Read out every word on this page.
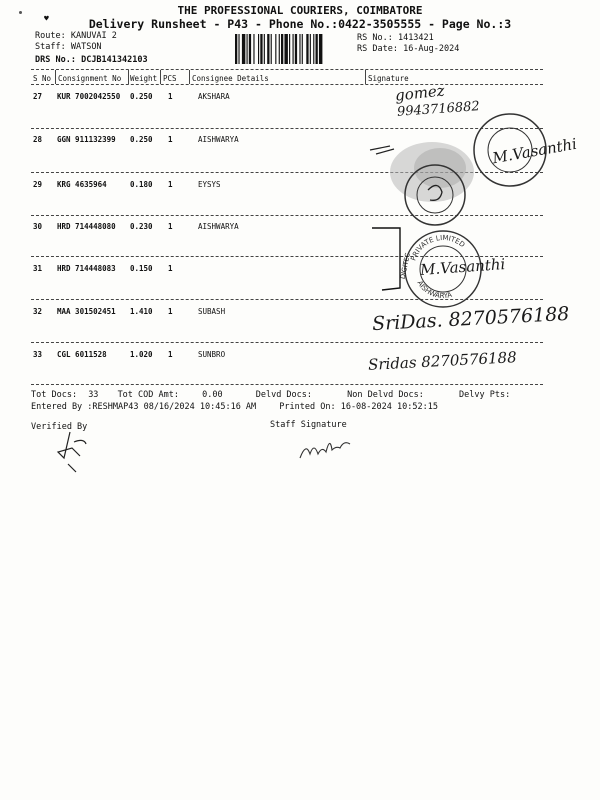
♥
THE PROFESSIONAL COURIERS, COIMBATORE
Delivery Runsheet - P43 - Phone No.:0422-3505555 - Page No.:3
Route: KANUVAI 2
Staff: WATSON
DRS No.: DCJB141342103
RS No.: 1413421
RS Date: 16-Aug-2024
S No Consignment No Weight PCS Consignee Details	Signature
27 KUR 7002042550 0.250 1	AKSHARA
28 GGN 911132399 0.250 1	AISHWARYA
29 KRG 4635964	0.180 1	EYSYS
30 HRD 714448080 0.230 1	AISHWARYA
31 HRD 714448083 0.150 1
32 MAA 301502451 1.410 1	SUBASH
33 CGL 6011528	1.020 1	SUNBRO
gomez
9943716882
M.Vasanthi
PRIVATE LIMITED
AISHWARYA
DIGITEC M.Vasanthi
SriDas. 8270576188
Sridas 8270576188
Tot Docs: 33 Tot COD Amt:	0.00	Delvd Docs:	Non Delvd Docs:	Delvy Pts:
Entered By :RESHMAP43 08/16/2024 10:45:16 AM	Printed On: 16-08-2024 10:52:15
Verified By	Staff Signature
